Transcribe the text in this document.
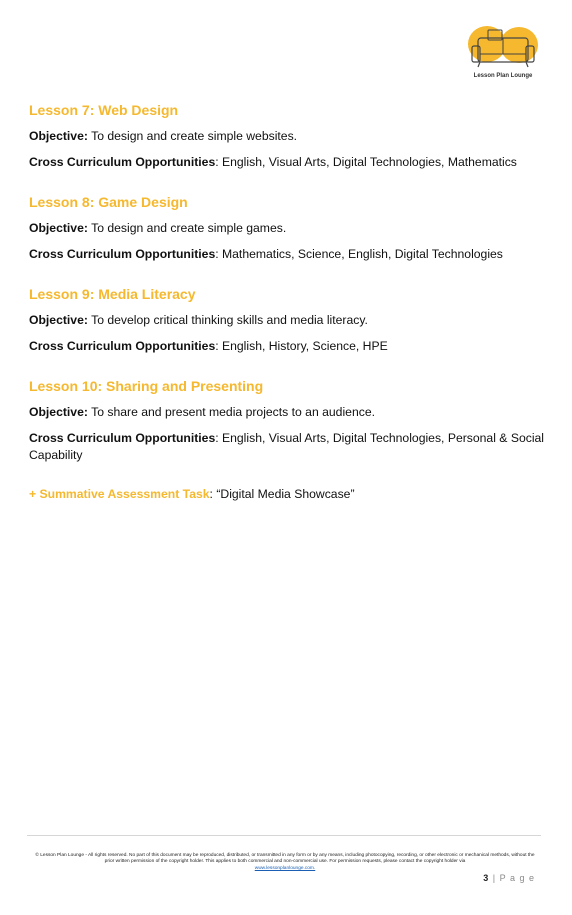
Lesson Plan Lounge
Lesson 7: Web Design
Objective: To design and create simple websites.
Cross Curriculum Opportunities: English, Visual Arts, Digital Technologies, Mathematics
Lesson 8: Game Design
Objective: To design and create simple games.
Cross Curriculum Opportunities: Mathematics, Science, English, Digital Technologies
Lesson 9: Media Literacy
Objective: To develop critical thinking skills and media literacy.
Cross Curriculum Opportunities: English, History, Science, HPE
Lesson 10: Sharing and Presenting
Objective: To share and present media projects to an audience.
Cross Curriculum Opportunities: English, Visual Arts, Digital Technologies, Personal & Social Capability
+ Summative Assessment Task: “Digital Media Showcase”
© Lesson Plan Lounge - All rights reserved. No part of this document may be reproduced, distributed, or transmitted in any form or by any means, including photocopying, recording, or other electronic or mechanical methods, without the prior written permission of the copyright holder. This applies to both commercial and non-commercial use. For permission requests, please contact the copyright holder via
www.lessonplanlounge.com.
3 | P a g e
